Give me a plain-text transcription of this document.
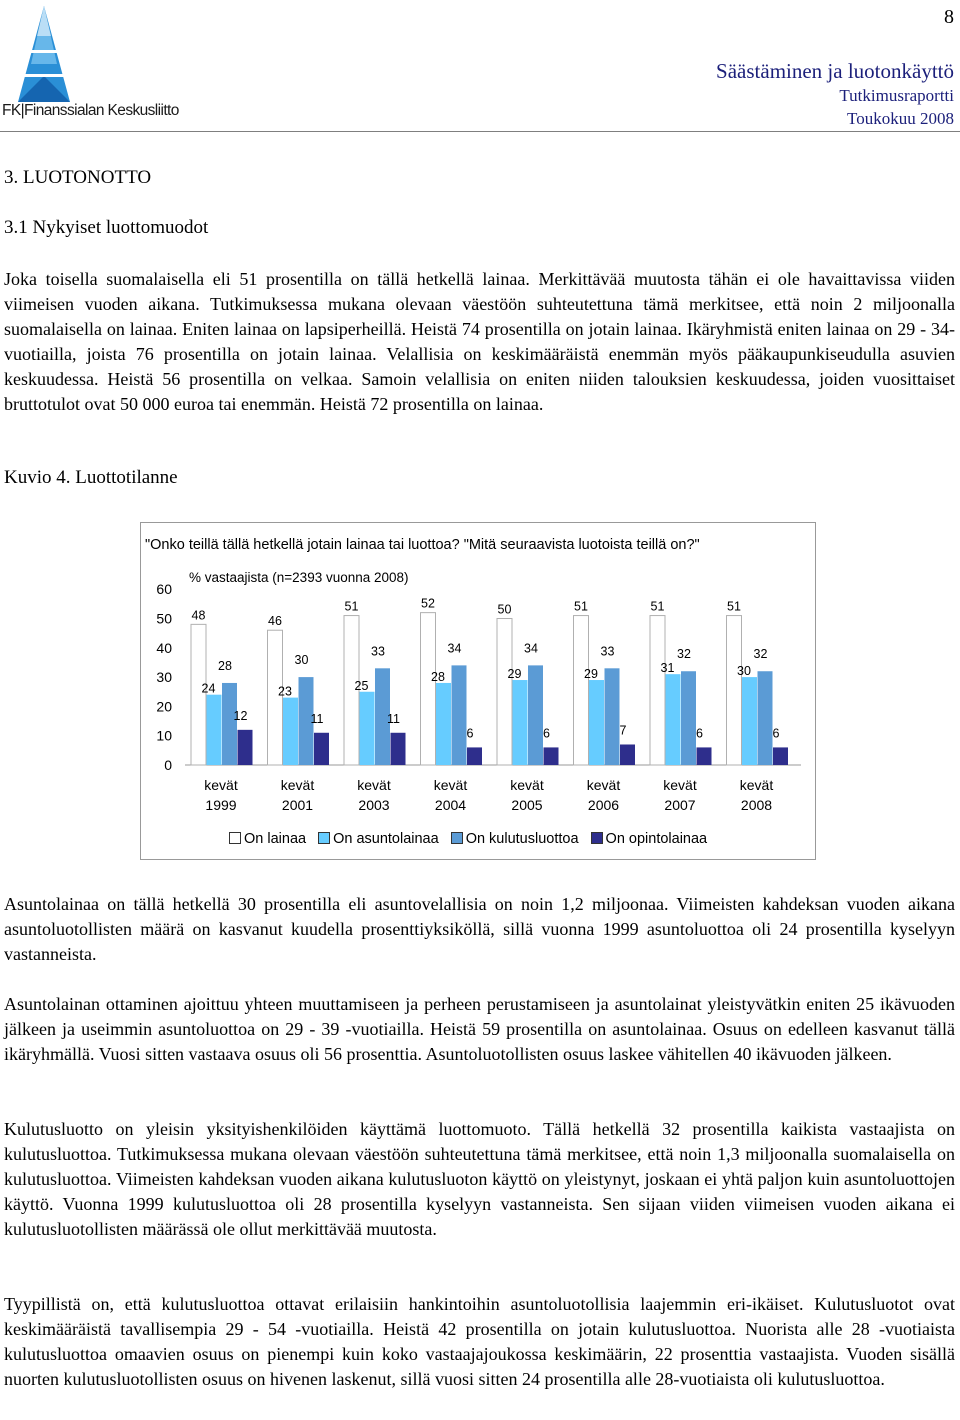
8
FK|Finanssialan Keskusliitto
Säästäminen ja luotonkäyttö
Tutkimusraportti
Toukokuu 2008
3. LUOTONOTTO
3.1 Nykyiset luottomuodot

Joka toisella suomalaisella eli 51 prosentilla on tällä hetkellä lainaa. Merkittävää muutosta tähän ei ole havaittavissa viiden viimeisen vuoden aikana. Tutkimuksessa mukana olevaan väestöön suhteutettuna tämä merkitsee, että noin 2 miljoonalla suomalaisella on lainaa. Eniten lainaa on lapsiperheillä. Heistä 74 prosentilla on jotain lainaa. Ikäryhmistä eniten lainaa on 29 - 34-vuotiailla, joista 76 prosentilla on jotain lainaa. Velallisia on keskimääräistä enemmän myös pääkaupunkiseudulla asuvien keskuudessa. Heistä 56 prosentilla on velkaa. Samoin velallisia on eniten niiden talouksien keskuudessa, joiden vuosittaiset bruttotulot ovat 50 000 euroa tai enemmän. Heistä 72 prosentilla on lainaa.

Kuvio 4. Luottotilanne
"Onko teillä tällä hetkellä jotain lainaa tai luottoa? "Mitä seuraavista luotoista teillä on?"
% vastaajista (n=2393 vuonna 2008)
0
10
20
30
40
50
60
48
24
28
12
kevät
1999
46
23
30
11
kevät
2001
51
25
33
11
kevät
2003
52
28
34
6
kevät
2004
50
29
34
6
kevät
2005
51
29
33
7
kevät
2006
51
31
32
6
kevät
2007
51
30
32
6
kevät
2008
On lainaa On asuntolainaa On kulutusluottoa On opintolainaa

Asuntolainaa on tällä hetkellä 30 prosentilla eli asuntovelallisia on noin 1,2 miljoonaa. Viimeisten kahdeksan vuoden aikana asuntoluotollisten määrä on kasvanut kuudella prosenttiyksiköllä, sillä vuonna 1999 asuntoluottoa oli 24 prosentilla kyselyyn vastanneista.

Asuntolainan ottaminen ajoittuu yhteen muuttamiseen ja perheen perustamiseen ja asuntolainat yleistyvätkin eniten 25 ikävuoden jälkeen ja useimmin asuntoluottoa on 29 - 39 -vuotiailla. Heistä 59 prosentilla on asuntolainaa. Osuus on edelleen kasvanut tällä ikäryhmällä. Vuosi sitten vastaava osuus oli 56 prosenttia. Asuntoluotollisten osuus laskee vähitellen 40 ikävuoden jälkeen.

Kulutusluotto on yleisin yksityishenkilöiden käyttämä luottomuoto. Tällä hetkellä 32 prosentilla kaikista vastaajista on kulutusluottoa. Tutkimuksessa mukana olevaan väestöön suhteutettuna tämä merkitsee, että noin 1,3 miljoonalla suomalaisella on kulutusluottoa. Viimeisten kahdeksan vuoden aikana kulutusluoton käyttö on yleistynyt, joskaan ei yhtä paljon kuin asuntoluottojen käyttö. Vuonna 1999 kulutusluottoa oli 28 prosentilla kyselyyn vastanneista. Sen sijaan viiden viimeisen vuoden aikana ei kulutusluotollisten määrässä ole ollut merkittävää muutosta.

Tyypillistä on, että kulutusluottoa ottavat erilaisiin hankintoihin asuntoluotollisia laajemmin eri-ikäiset. Kulutusluotot ovat keskimääräistä tavallisempia 29 - 54 -vuotiailla. Heistä 42 prosentilla on jotain kulutusluottoa. Nuorista alle 28 -vuotiaista kulutusluottoa omaavien osuus on pienempi kuin koko vastaajajoukossa keskimäärin, 22 prosenttia vastaajista. Vuoden sisällä nuorten kulutusluotollisten osuus on hivenen laskenut, sillä vuosi sitten 24 prosentilla alle 28-vuotiaista oli kulutusluottoa.
